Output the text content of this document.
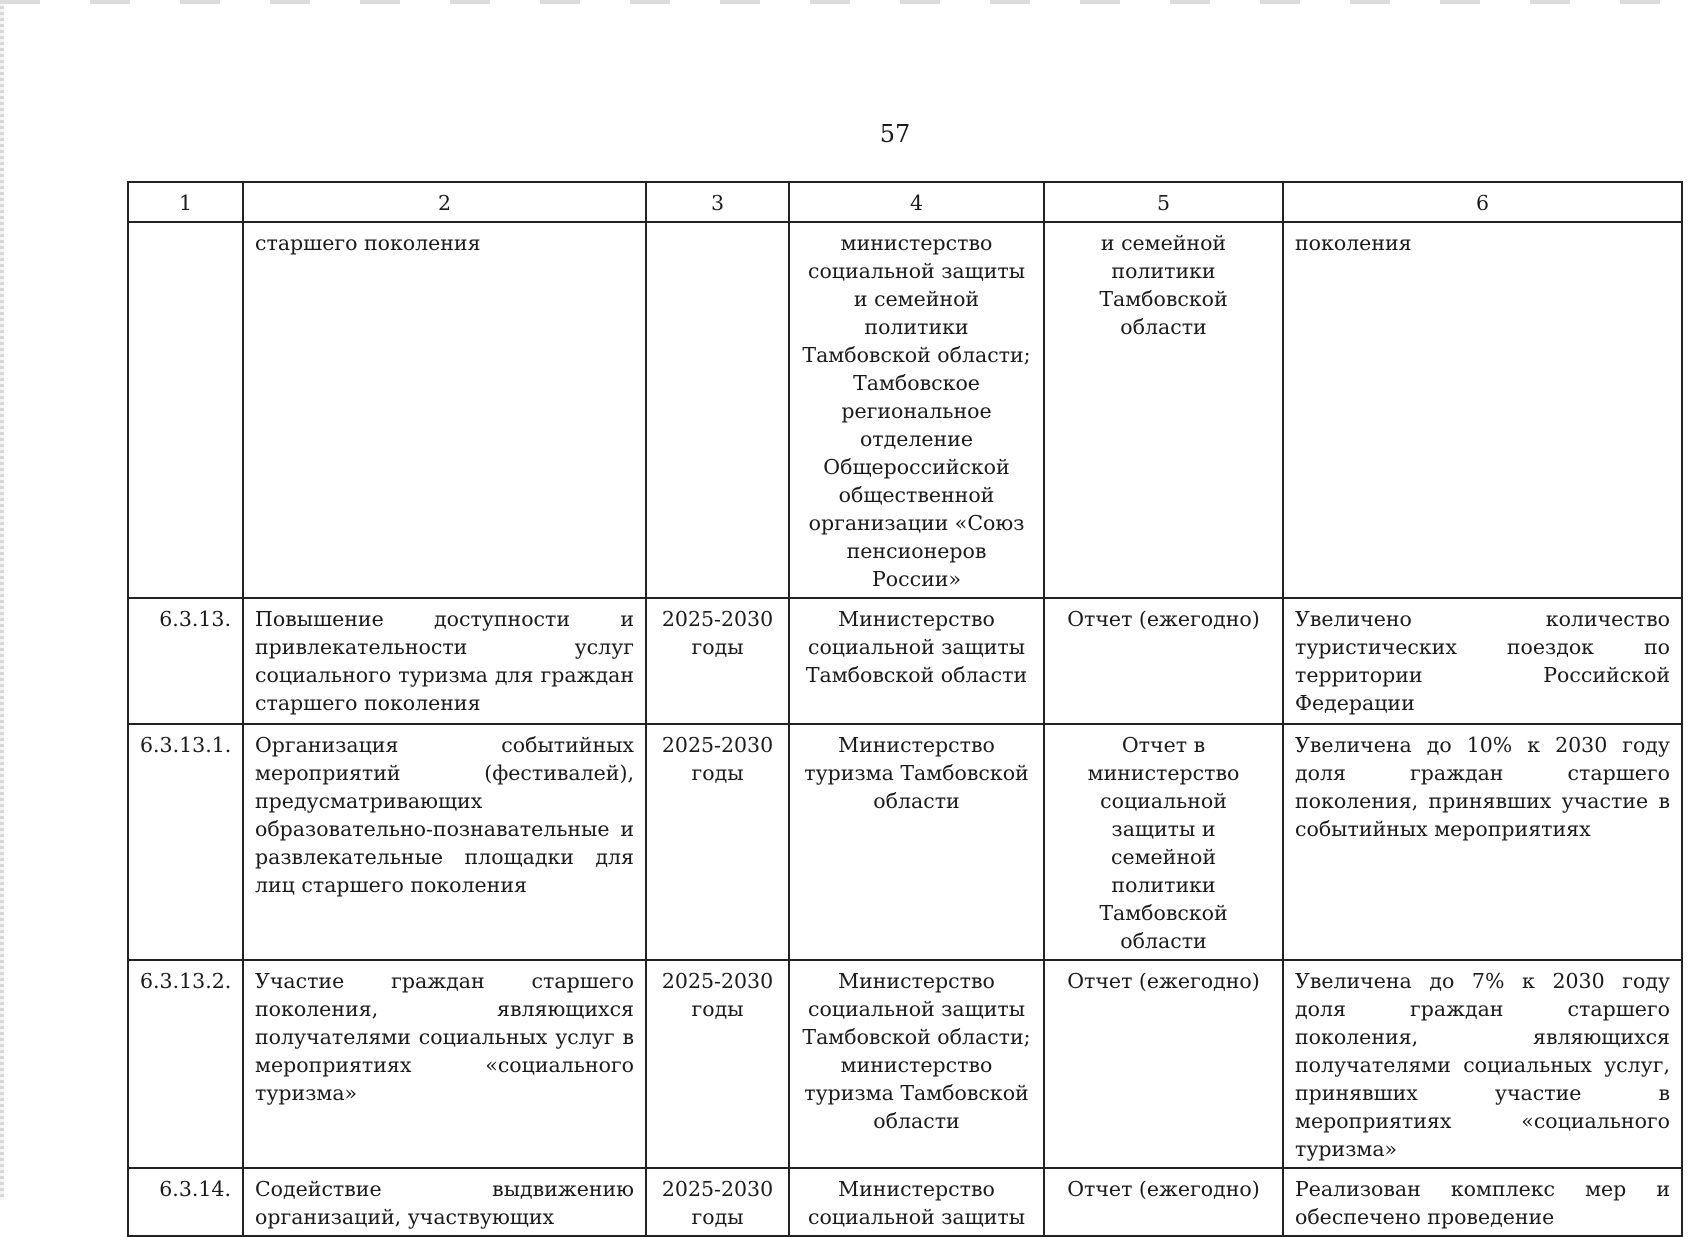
57
1	2	3	4	5	6
	старшего поколения		министерство социальной защиты и семейной политики Тамбовской области; Тамбовское региональное отделение Общероссийской общественной организации «Союз пенсионеров России»	и семейной политики Тамбовской области	поколения
6.3.13.	Повышение доступности и привлекательности услуг социального туризма для граждан старшего поколения	2025-2030 годы	Министерство социальной защиты Тамбовской области	Отчет (ежегодно)	Увеличено количество туристических поездок по территории Российской Федерации
6.3.13.1.	Организация событийных мероприятий (фестивалей), предусматривающих образовательно-познавательные и развлекательные площадки для лиц старшего поколения	2025-2030 годы	Министерство туризма Тамбовской области	Отчет в министерство социальной защиты и семейной политики Тамбовской области	Увеличена до 10% к 2030 году доля граждан старшего поколения, принявших участие в событийных мероприятиях
6.3.13.2.	Участие граждан старшего поколения, являющихся получателями социальных услуг в мероприятиях «социального туризма»	2025-2030 годы	Министерство социальной защиты Тамбовской области; министерство туризма Тамбовской области	Отчет (ежегодно)	Увеличена до 7% к 2030 году доля граждан старшего поколения, являющихся получателями социальных услуг, принявших участие в мероприятиях «социального туризма»
6.3.14.	Содействие выдвижению организаций, участвующих	2025-2030 годы	Министерство социальной защиты	Отчет (ежегодно)	Реализован комплекс мер и обеспечено проведение
